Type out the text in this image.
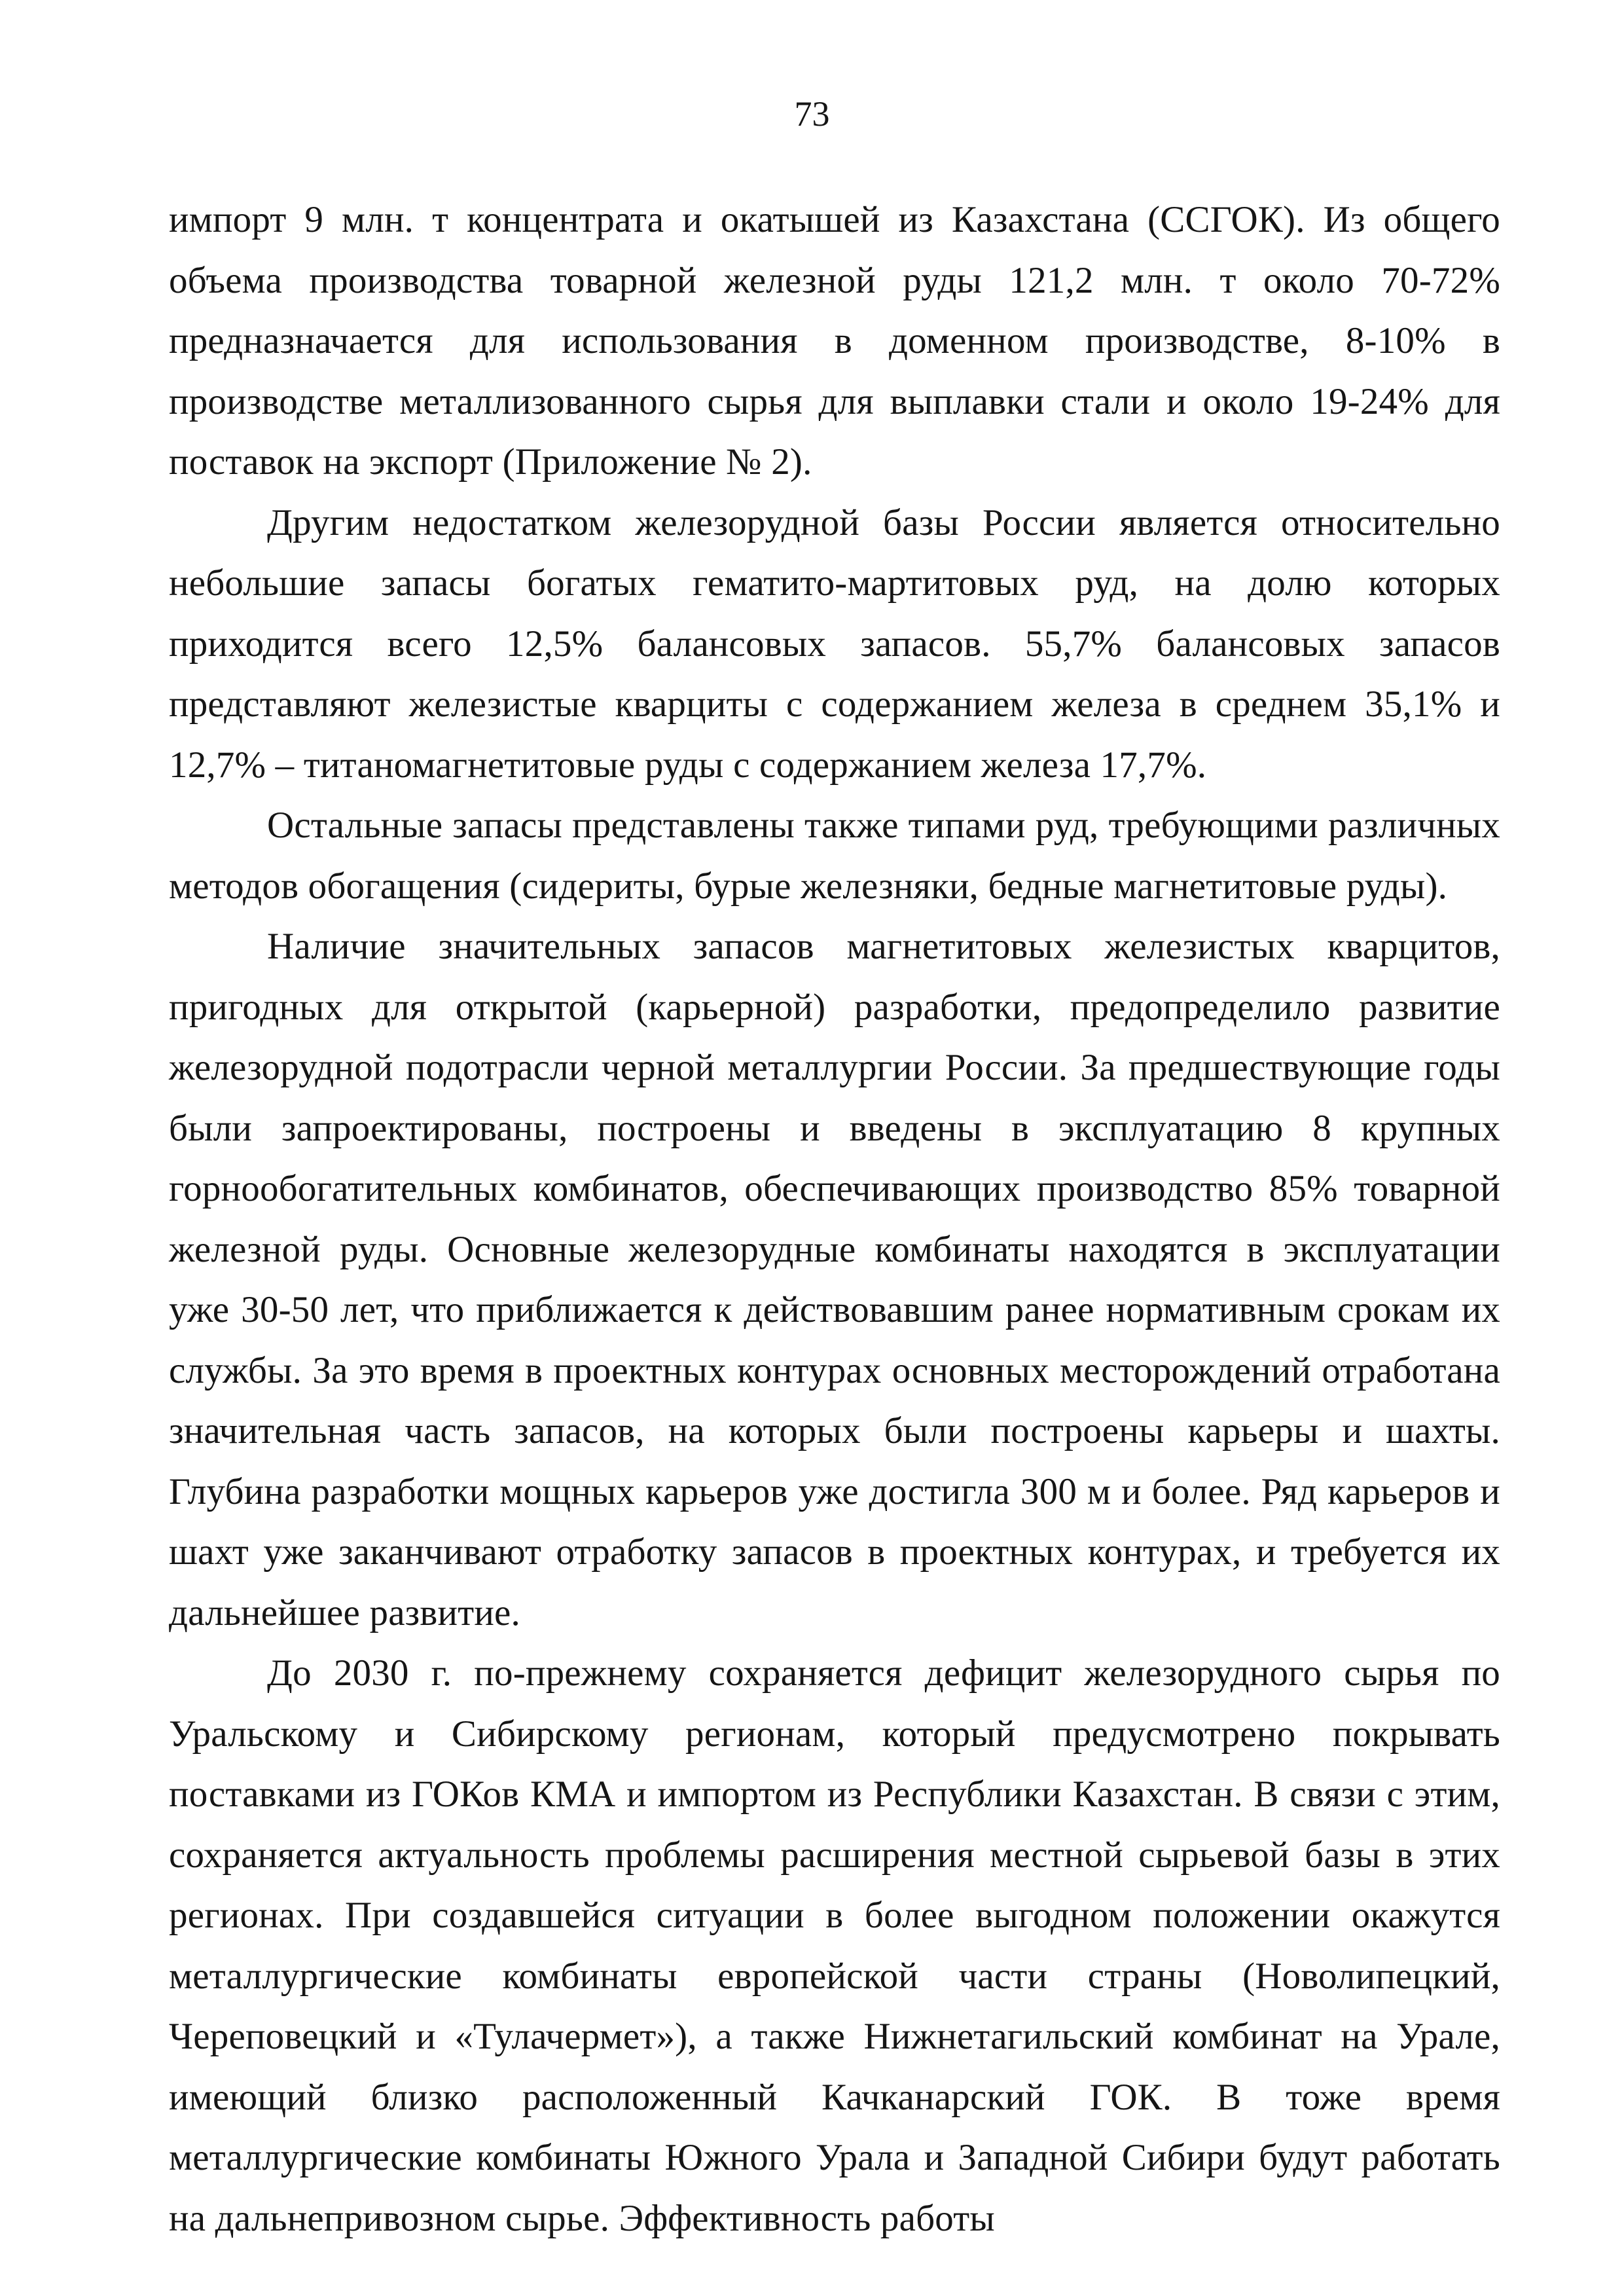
73

импорт 9 млн. т концентрата и окатышей из Казахстана (ССГОК). Из общего объема производства товарной железной руды 121,2 млн. т около 70-72% предназначается для использования в доменном производстве, 8-10% в производстве металлизованного сырья для выплавки стали и около 19-24% для поставок на экспорт (Приложение № 2).

Другим недостатком железорудной базы России является относительно небольшие запасы богатых гематито-мартитовых руд, на долю которых приходится всего 12,5% балансовых запасов. 55,7% балансовых запасов представляют железистые кварциты с содержанием железа в среднем 35,1% и 12,7% – титаномагнетитовые руды с содержанием железа 17,7%.

Остальные запасы представлены также типами руд, требующими различных методов обогащения (сидериты, бурые железняки, бедные магнетитовые руды).

Наличие значительных запасов магнетитовых железистых кварцитов, пригодных для открытой (карьерной) разработки, предопределило развитие железорудной подотрасли черной металлургии России. За предшествующие годы были запроектированы, построены и введены в эксплуатацию 8 крупных горнообогатительных комбинатов, обеспечивающих производство 85% товарной железной руды. Основные железорудные комбинаты находятся в эксплуатации уже 30-50 лет, что приближается к действовавшим ранее нормативным срокам их службы. За это время в проектных контурах основных месторождений отработана значительная часть запасов, на которых были построены карьеры и шахты. Глубина разработки мощных карьеров уже достигла 300 м и более. Ряд карьеров и шахт уже заканчивают отработку запасов в проектных контурах, и требуется их дальнейшее развитие.

До 2030 г. по-прежнему сохраняется дефицит железорудного сырья по Уральскому и Сибирскому регионам, который предусмотрено покрывать поставками из ГОКов КМА и импортом из Республики Казахстан. В связи с этим, сохраняется актуальность проблемы расширения местной сырьевой базы в этих регионах. При создавшейся ситуации в более выгодном положении окажутся металлургические комбинаты европейской части страны (Новолипецкий, Череповецкий и «Тулачермет»), а также Нижнетагильский комбинат на Урале, имеющий близко расположенный Качканарский ГОК. В тоже время металлургические комбинаты Южного Урала и Западной Сибири будут работать на дальнепривозном сырье. Эффективность работы
